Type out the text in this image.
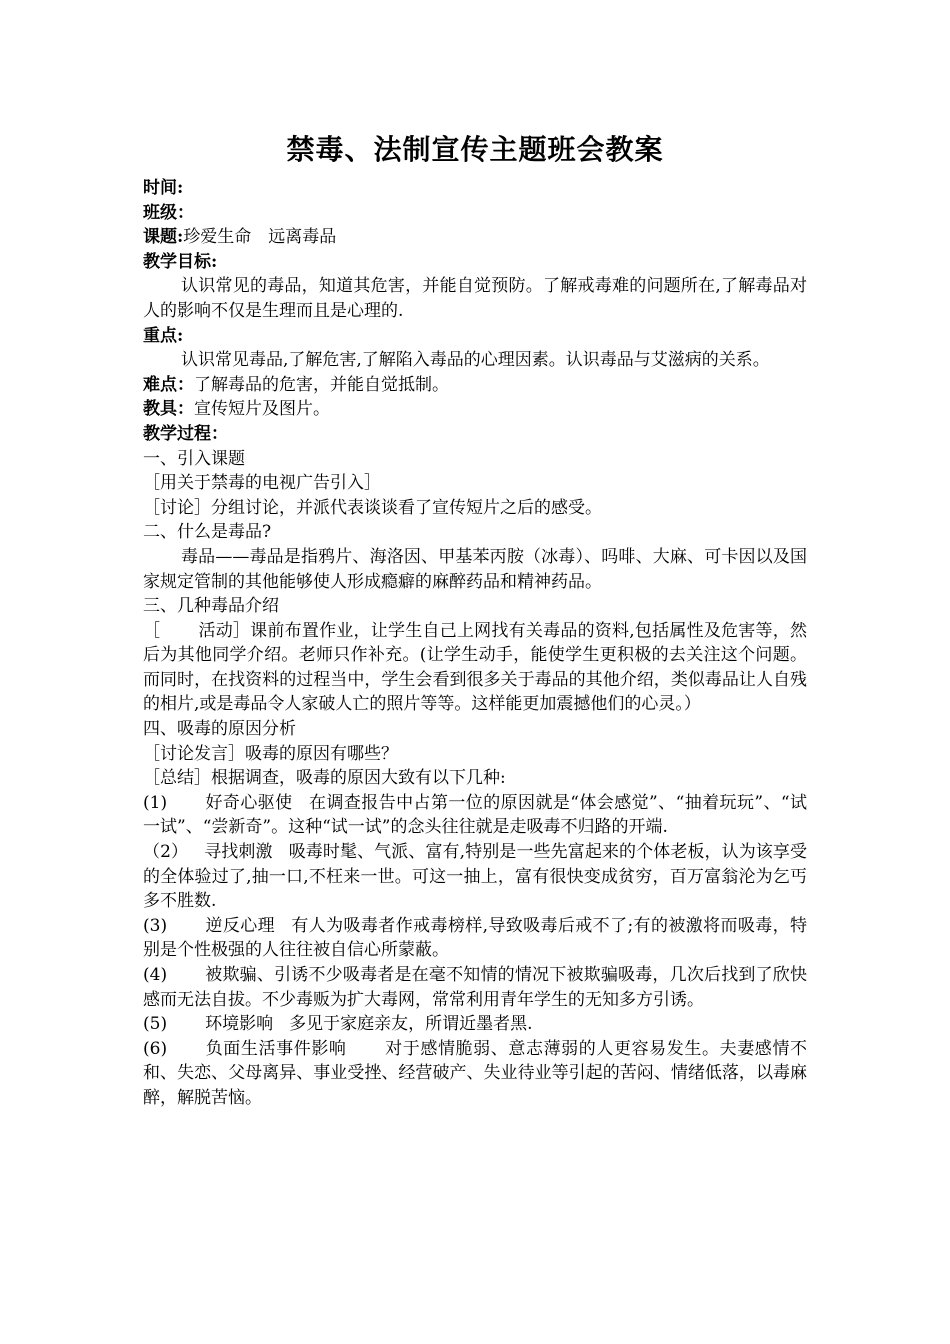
禁毒、法制宣传主题班会教案

时间:

班级：

课题:珍爱生命　远离毒品

教学目标:

认识常见的毒品，知道其危害，并能自觉预防。了解戒毒难的问题所在,了解毒品对人的影响不仅是生理而且是心理的.

重点:

认识常见毒品,了解危害,了解陷入毒品的心理因素。认识毒品与艾滋病的关系。

难点：了解毒品的危害，并能自觉抵制。

教具：宣传短片及图片。

教学过程：

一、引入课题

［用关于禁毒的电视广告引入］

［讨论］分组讨论，并派代表谈谈看了宣传短片之后的感受。

二、什么是毒品?

毒品——毒品是指鸦片、海洛因、甲基苯丙胺（冰毒）、吗啡、大麻、可卡因以及国家规定管制的其他能够使人形成瘾癖的麻醉药品和精神药品。

三、几种毒品介绍

［ 活动］课前布置作业，让学生自己上网找有关毒品的资料,包括属性及危害等，然后为其他同学介绍。老师只作补充。(让学生动手，能使学生更积极的去关注这个问题。而同时，在找资料的过程当中，学生会看到很多关于毒品的其他介绍，类似毒品让人自残的相片,或是毒品令人家破人亡的照片等等。这样能更加震撼他们的心灵。）

四、吸毒的原因分析

［讨论发言］吸毒的原因有哪些？

［总结］根据调查，吸毒的原因大致有以下几种:

(1) 好奇心驱使 在调查报告中占第一位的原因就是“体会感觉”、“抽着玩玩”、“试一试”、“尝新奇”。这种“试一试”的念头往往就是走吸毒不归路的开端.

（2） 寻找刺激 吸毒时髦、气派、富有,特别是一些先富起来的个体老板，认为该享受的全体验过了,抽一口,不枉来一世。可这一抽上，富有很快变成贫穷，百万富翁沦为乞丐多不胜数.

(3) 逆反心理 有人为吸毒者作戒毒榜样,导致吸毒后戒不了;有的被激将而吸毒，特别是个性极强的人往往被自信心所蒙蔽。

(4) 被欺骗、引诱不少吸毒者是在毫不知情的情况下被欺骗吸毒，几次后找到了欣快感而无法自拔。不少毒贩为扩大毒网，常常利用青年学生的无知多方引诱。

(5) 环境影响 多见于家庭亲友，所谓近墨者黑.

(6) 负面生活事件影响 对于感情脆弱、意志薄弱的人更容易发生。夫妻感情不和、失恋、父母离异、事业受挫、经营破产、失业待业等引起的苦闷、情绪低落，以毒麻醉，解脱苦恼。
